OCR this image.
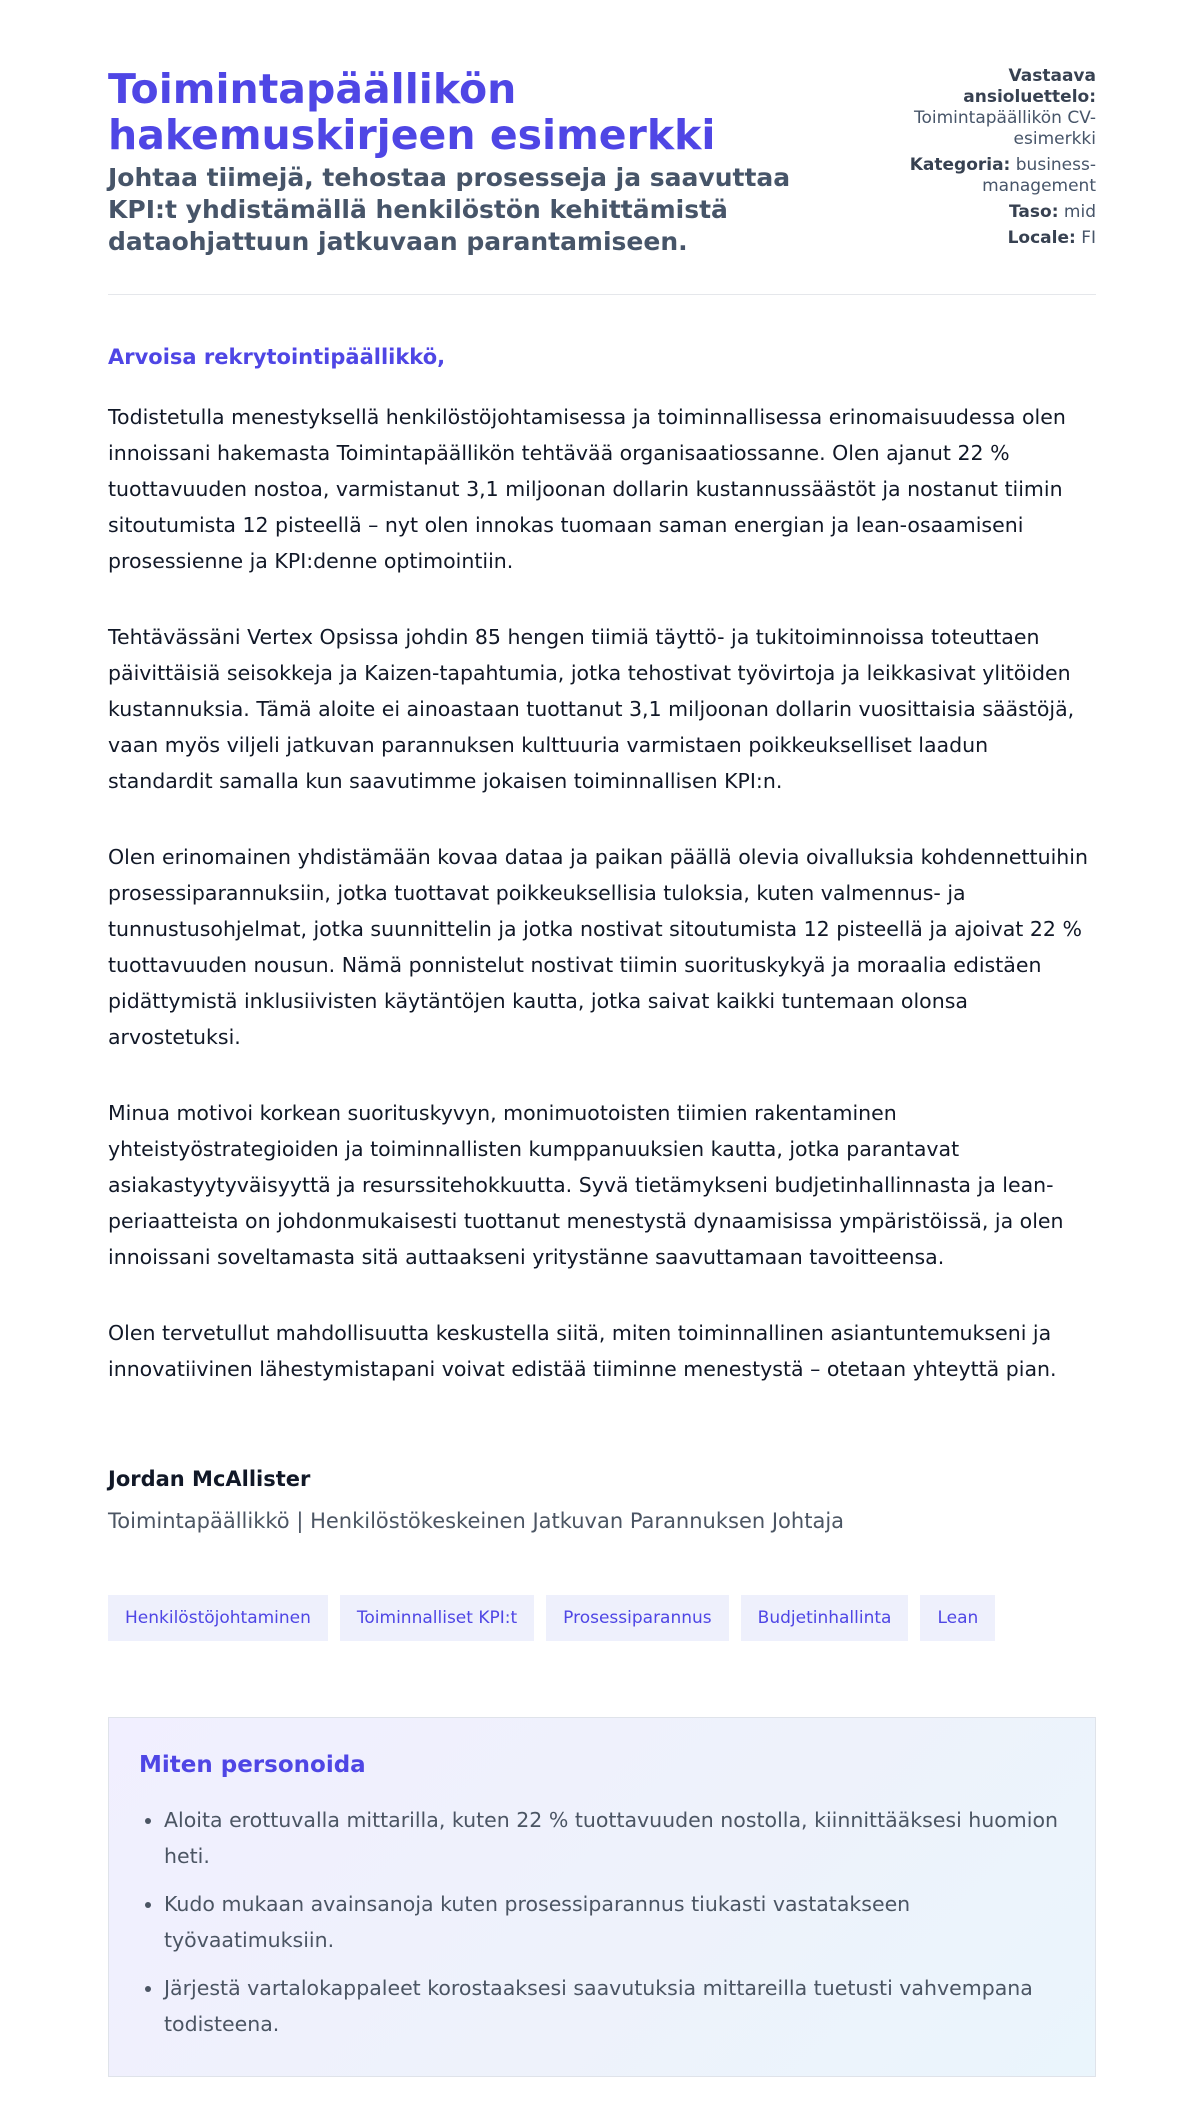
Toimintapäällikön hakemuskirjeen esimerkki

Johtaa tiimejä, tehostaa prosesseja ja saavuttaa KPI:t yhdistämällä henkilöstön kehittämistä dataohjattuun jatkuvaan parantamiseen.

Vastaava ansioluettelo: Toimintapäällikön CV-esimerkki
Kategoria: business-management
Taso: mid
Locale: FI

Arvoisa rekrytointipäällikkö,

Todistetulla menestyksellä henkilöstöjohtamisessa ja toiminnallisessa erinomaisuudessa olen innoissani hakemasta Toimintapäällikön tehtävää organisaatiossanne. Olen ajanut 22 % tuottavuuden nostoa, varmistanut 3,1 miljoonan dollarin kustannussäästöt ja nostanut tiimin sitoutumista 12 pisteellä – nyt olen innokas tuomaan saman energian ja lean-osaamiseni prosessienne ja KPI:denne optimointiin.

Tehtävässäni Vertex Opsissa johdin 85 hengen tiimiä täyttö- ja tukitoiminnoissa toteuttaen päivittäisiä seisokkeja ja Kaizen-tapahtumia, jotka tehostivat työvirtoja ja leikkasivat ylitöiden kustannuksia. Tämä aloite ei ainoastaan tuottanut 3,1 miljoonan dollarin vuosittaisia säästöjä, vaan myös viljeli jatkuvan parannuksen kulttuuria varmistaen poikkeukselliset laadun standardit samalla kun saavutimme jokaisen toiminnallisen KPI:n.

Olen erinomainen yhdistämään kovaa dataa ja paikan päällä olevia oivalluksia kohdennettuihin prosessiparannuksiin, jotka tuottavat poikkeuksellisia tuloksia, kuten valmennus- ja tunnustusohjelmat, jotka suunnittelin ja jotka nostivat sitoutumista 12 pisteellä ja ajoivat 22 % tuottavuuden nousun. Nämä ponnistelut nostivat tiimin suorituskykyä ja moraalia edistäen pidättymistä inklusiivisten käytäntöjen kautta, jotka saivat kaikki tuntemaan olonsa arvostetuksi.

Minua motivoi korkean suorituskyvyn, monimuotoisten tiimien rakentaminen yhteistyöstrategioiden ja toiminnallisten kumppanuuksien kautta, jotka parantavat asiakastyytyväisyyttä ja resurssitehokkuutta. Syvä tietämykseni budjetinhallinnasta ja lean-periaatteista on johdonmukaisesti tuottanut menestystä dynaamisissa ympäristöissä, ja olen innoissani soveltamasta sitä auttaakseni yritystänne saavuttamaan tavoitteensa.

Olen tervetullut mahdollisuutta keskustella siitä, miten toiminnallinen asiantuntemukseni ja innovatiivinen lähestymistapani voivat edistää tiiminne menestystä – otetaan yhteyttä pian.

Jordan McAllister

Toimintapäällikkö | Henkilöstökeskeinen Jatkuvan Parannuksen Johtaja

Henkilöstöjohtaminen	Toiminnalliset KPI:t	Prosessiparannus	Budjetinhallinta	Lean
Miten personoida
• Aloita erottuvalla mittarilla, kuten 22 % tuottavuuden nostolla, kiinnittääksesi huomion heti.
• Kudo mukaan avainsanoja kuten prosessiparannus tiukasti vastatakseen työvaatimuksiin.
• Järjestä vartalokappaleet korostaaksesi saavutuksia mittareilla tuetusti vahvempana todisteena.
